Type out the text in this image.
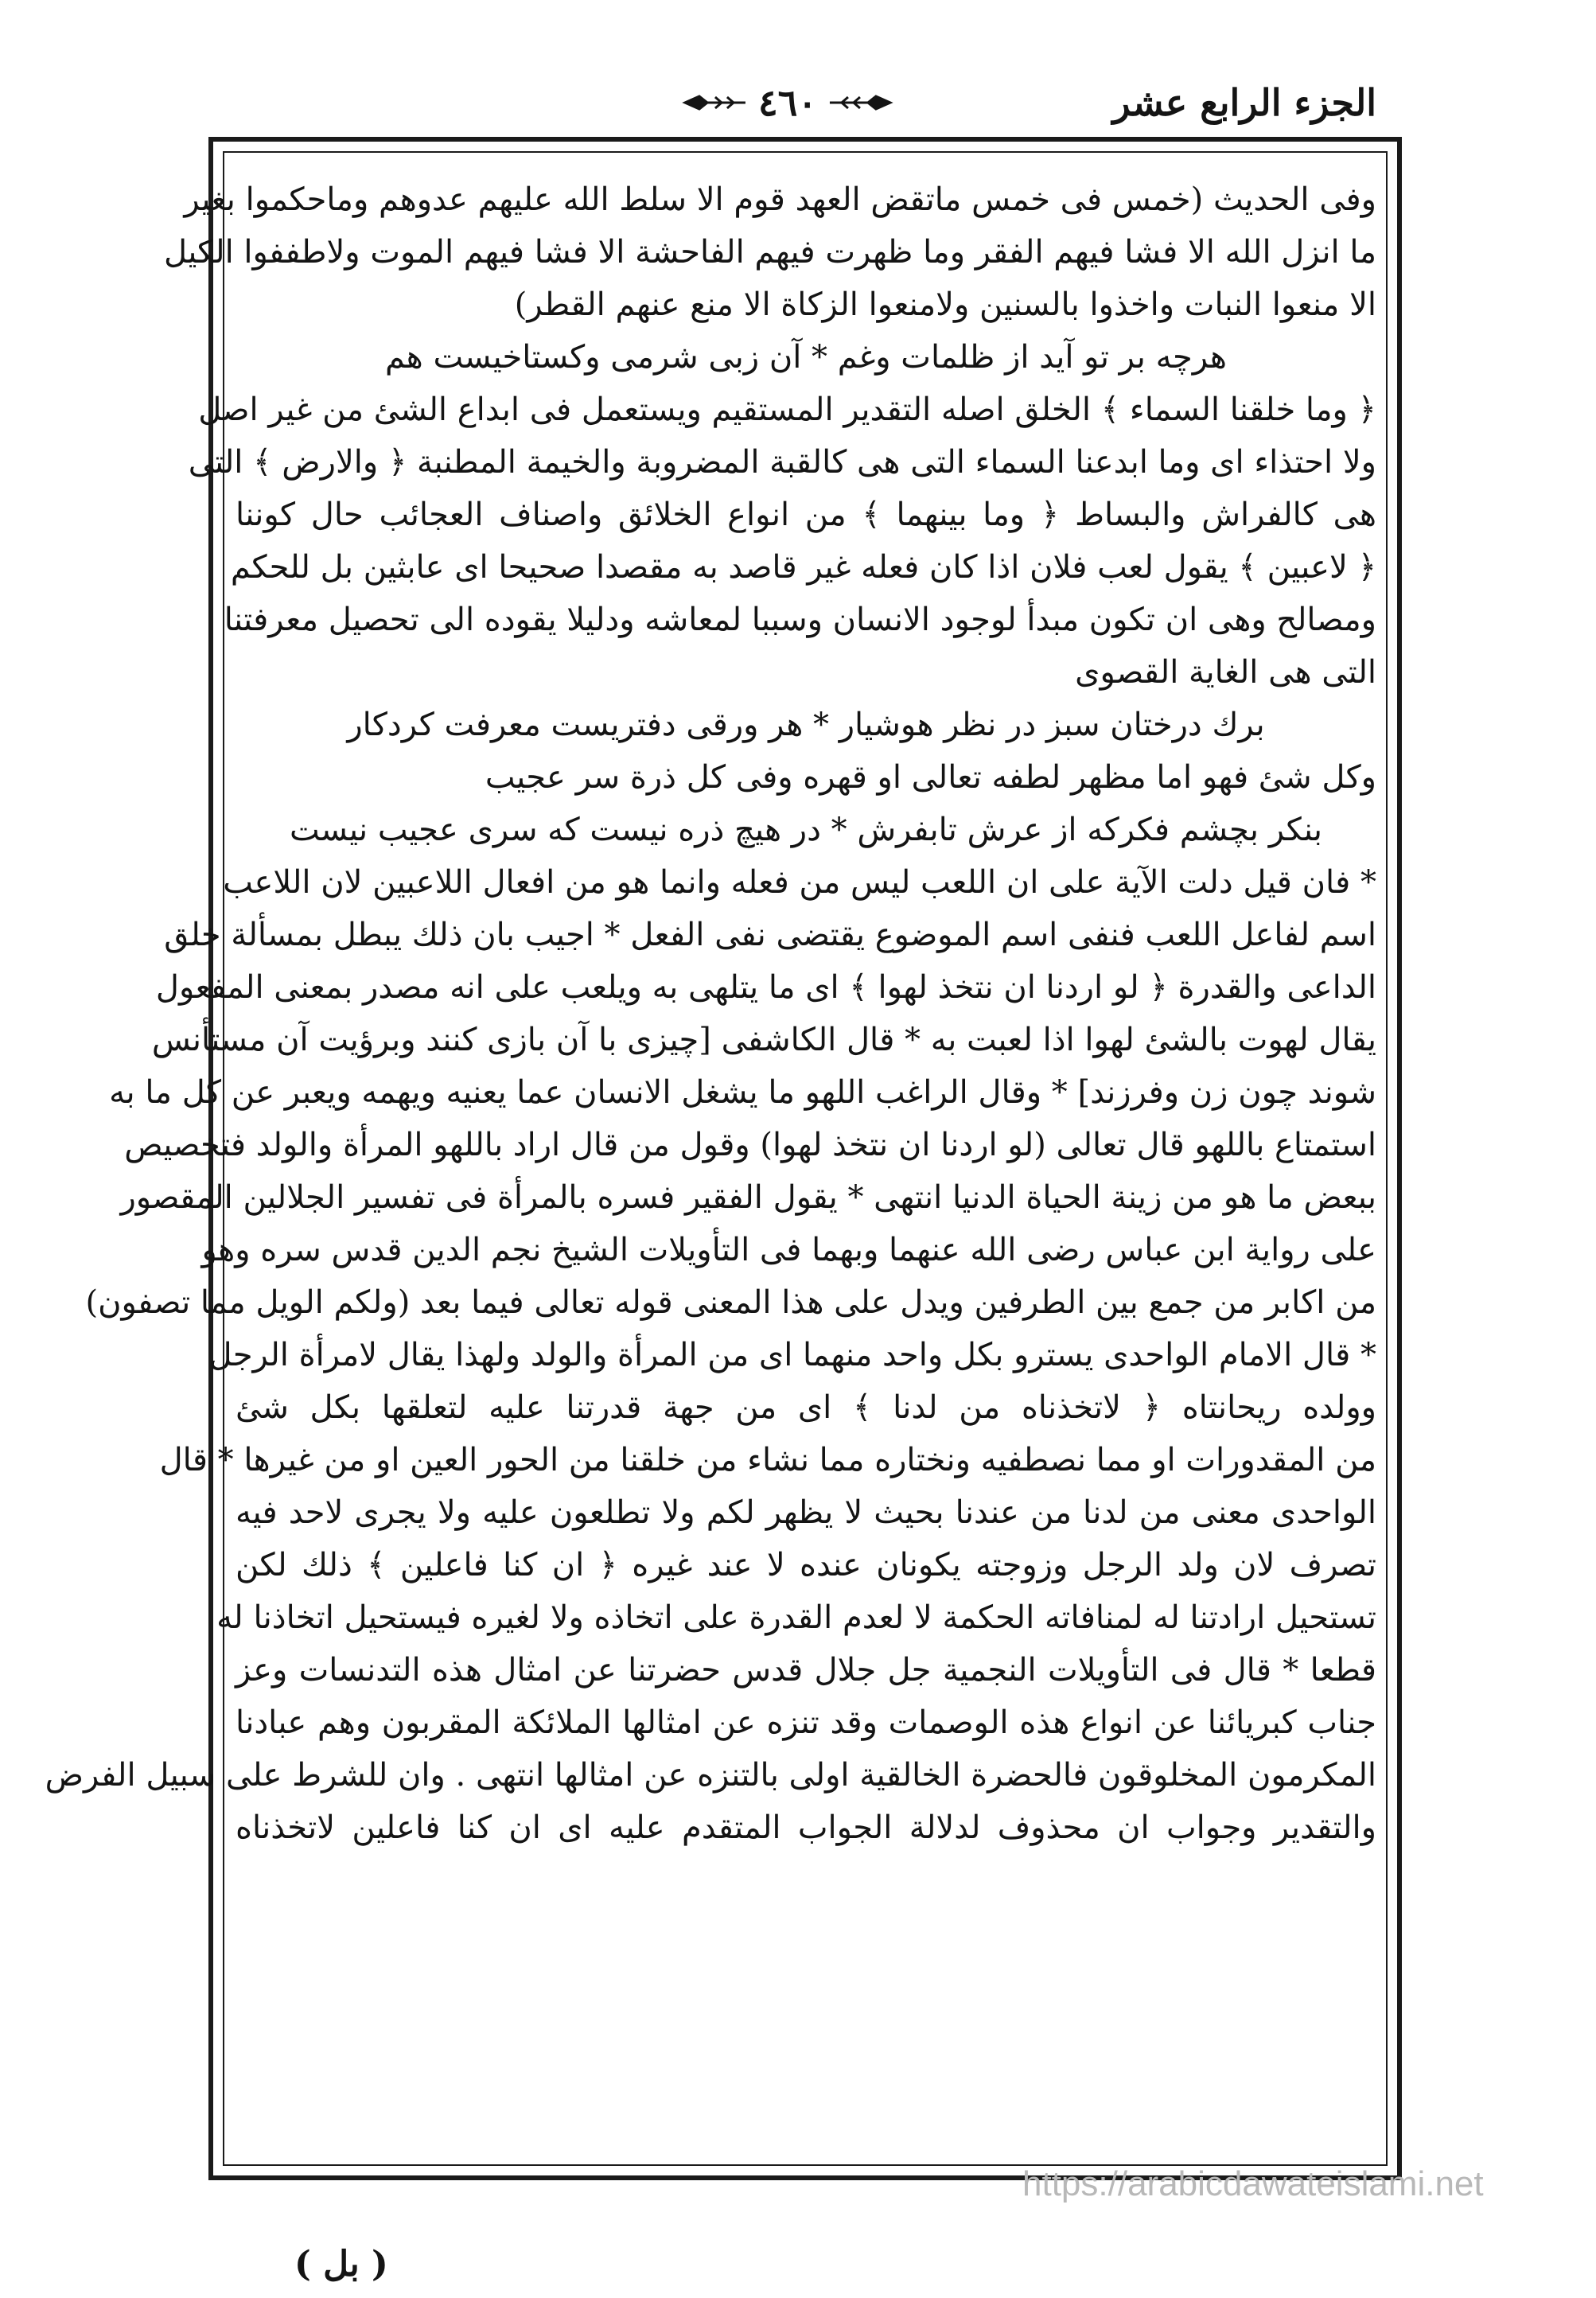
الجزء الرابع عشر
٤٦٠
وفى الحديث (خمس فى خمس ماتقض العهد قوم الا سلط الله عليهم عدوهم وماحكموا بغير
ما انزل الله الا فشا فيهم الفقر وما ظهرت فيهم الفاحشة الا فشا فيهم الموت ولاطففوا الكيل
الا منعوا النبات واخذوا بالسنين ولامنعوا الزكاة الا منع عنهم القطر)
هرچه بر تو آيد از ظلمات وغم * آن زبى شرمى وكستاخيست هم
﴿ وما خلقنا السماء ﴾ الخلق اصله التقدير المستقيم ويستعمل فى ابداع الشئ من غير اصل
ولا احتذاء اى وما ابدعنا السماء التى هى كالقبة المضروبة والخيمة المطنبة ﴿ والارض ﴾ التى
هى كالفراش والبساط ﴿ وما بينهما ﴾ من انواع الخلائق واصناف العجائب حال كوننا
﴿ لاعبين ﴾ يقول لعب فلان اذا كان فعله غير قاصد به مقصدا صحيحا اى عابثين بل للحكم
ومصالح وهى ان تكون مبدأ لوجود الانسان وسببا لمعاشه ودليلا يقوده الى تحصيل معرفتنا
التى هى الغاية القصوى
برك درختان سبز در نظر هوشيار * هر ورقى دفتريست معرفت كردكار
وكل شئ فهو اما مظهر لطفه تعالى او قهره وفى كل ذرة سر عجيب
بنكر بچشم فكركه از عرش تابفرش * در هيچ ذره نيست كه سرى عجيب نيست
* فان قيل دلت الآية على ان اللعب ليس من فعله وانما هو من افعال اللاعبين لان اللاعب
اسم لفاعل اللعب فنفى اسم الموضوع يقتضى نفى الفعل * اجيب بان ذلك يبطل بمسألة خلق
الداعى والقدرة ﴿ لو اردنا ان نتخذ لهوا ﴾ اى ما يتلهى به ويلعب على انه مصدر بمعنى المفعول
يقال لهوت بالشئ لهوا اذا لعبت به * قال الكاشفى [چيزى با آن بازى كنند وبرؤيت آن مستأنس
شوند چون زن وفرزند] * وقال الراغب اللهو ما يشغل الانسان عما يعنيه ويهمه ويعبر عن كل ما به
استمتاع باللهو قال تعالى (لو اردنا ان نتخذ لهوا) وقول من قال اراد باللهو المرأة والولد فتخصيص
ببعض ما هو من زينة الحياة الدنيا انتهى * يقول الفقير فسره بالمرأة فى تفسير الجلالين المقصور
على رواية ابن عباس رضى الله عنهما وبهما فى التأويلات الشيخ نجم الدين قدس سره وهو
من اكابر من جمع بين الطرفين ويدل على هذا المعنى قوله تعالى فيما بعد (ولكم الويل مما تصفون)
* قال الامام الواحدى يسترو بكل واحد منهما اى من المرأة والولد ولهذا يقال لامرأة الرجل
وولده ريحانتاه ﴿ لاتخذناه من لدنا ﴾ اى من جهة قدرتنا عليه لتعلقها بكل شئ
من المقدورات او مما نصطفيه ونختاره مما نشاء من خلقنا من الحور العين او من غيرها * قال
الواحدى معنى من لدنا من عندنا بحيث لا يظهر لكم ولا تطلعون عليه ولا يجرى لاحد فيه
تصرف لان ولد الرجل وزوجته يكونان عنده لا عند غيره ﴿ ان كنا فاعلين ﴾ ذلك لكن
تستحيل ارادتنا له لمنافاته الحكمة لا لعدم القدرة على اتخاذه ولا لغيره فيستحيل اتخاذنا له
قطعا * قال فى التأويلات النجمية جل جلال قدس حضرتنا عن امثال هذه التدنسات وعز
جناب كبريائنا عن انواع هذه الوصمات وقد تنزه عن امثالها الملائكة المقربون وهم عبادنا
المكرمون المخلوقون فالحضرة الخالقية اولى بالتنزه عن امثالها انتهى . وان للشرط على سبيل الفرض
والتقدير وجواب ان محذوف لدلالة الجواب المتقدم عليه اى ان كنا فاعلين لاتخذناه
https://arabicdawateislami.net
( بل )
